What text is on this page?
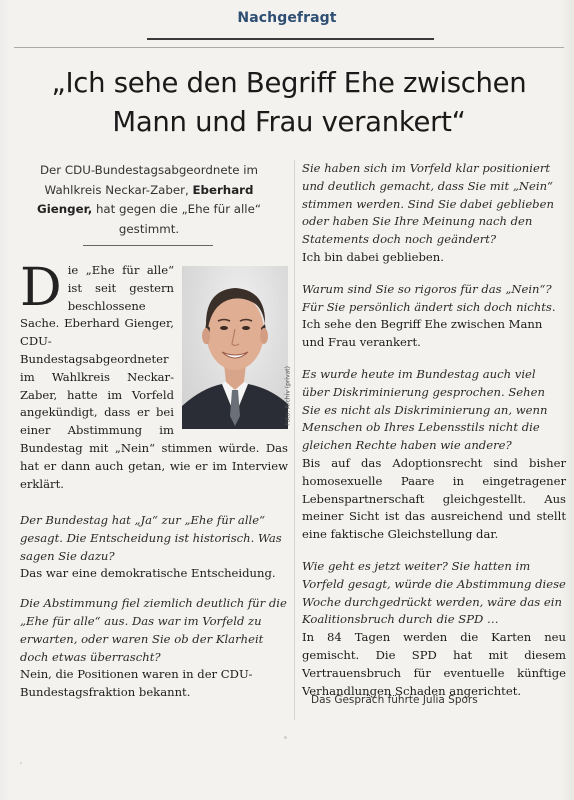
Nachgefragt
„Ich sehe den Begriff Ehe zwischen
Mann und Frau verankert“
Der CDU-Bundestagsabgeordnete im Wahlkreis Neckar-Zaber, Eberhard Gienger, hat gegen die „Ehe für alle“ gestimmt.
Foto: Archiv (privat)
Die „Ehe für alle“ ist seit gestern beschlossene Sache. Eberhard Gienger, CDU-Bundestagsabgeordneter im Wahlkreis Neckar-Zaber, hatte im Vorfeld angekündigt, dass er bei einer Abstimmung im Bundestag mit „Nein“ stimmen würde. Das hat er dann auch getan, wie er im Interview erklärt.

Der Bundestag hat „Ja“ zur „Ehe für alle“ gesagt. Die Entscheidung ist historisch. Was sagen Sie dazu?

Das war eine demokratische Entscheidung.

Die Abstimmung fiel ziemlich deutlich für die „Ehe für alle“ aus. Das war im Vorfeld zu erwarten, oder waren Sie ob der Klarheit doch etwas überrascht?

Nein, die Positionen waren in der CDU-Bundestagsfraktion bekannt.

Sie haben sich im Vorfeld klar positioniert und deutlich gemacht, dass Sie mit „Nein“ stimmen werden. Sind Sie dabei geblieben oder haben Sie Ihre Meinung nach den Statements doch noch geändert?

Ich bin dabei geblieben.

Warum sind Sie so rigoros für das „Nein“? Für Sie persönlich ändert sich doch nichts.

Ich sehe den Begriff Ehe zwischen Mann und Frau verankert.

Es wurde heute im Bundestag auch viel über Diskriminierung gesprochen. Sehen Sie es nicht als Diskriminierung an, wenn Menschen ob Ihres Lebensstils nicht die gleichen Rechte haben wie andere?

Bis auf das Adoptionsrecht sind bisher homosexuelle Paare in eingetragener Lebenspartnerschaft gleichgestellt. Aus meiner Sicht ist das ausreichend und stellt eine faktische Gleichstellung dar.

Wie geht es jetzt weiter? Sie hatten im Vorfeld gesagt, würde die Abstimmung diese Woche durchgedrückt werden, wäre das ein Koalitionsbruch durch die SPD …

In 84 Tagen werden die Karten neu gemischt. Die SPD hat mit diesem Vertrauensbruch für eventuelle künftige Verhandlungen Schaden angerichtet.

Das Gespräch führte Julia Spors
